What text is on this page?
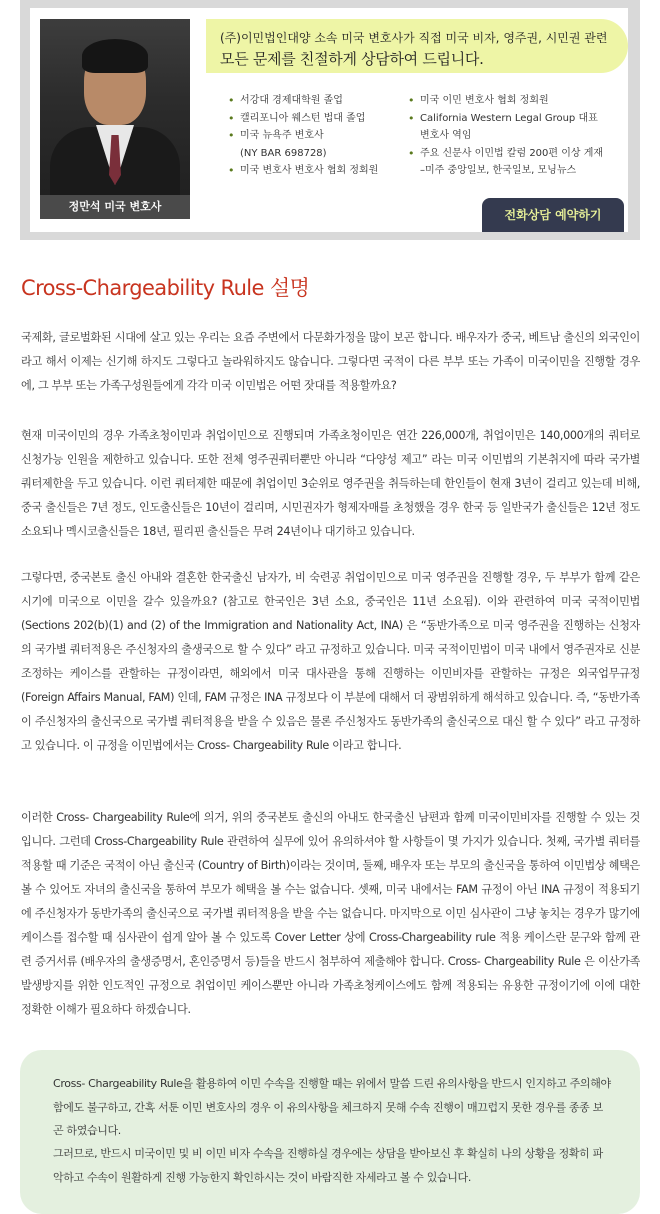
정만석 미국 변호사
(주)이민법인대양 소속 미국 변호사가 직접 미국 비자, 영주권, 시민권 관련
모든 문제를 친절하게 상담하여 드립니다.
• 서강대 경제대학원 졸업
• 캘리포니아 웨스턴 법대 졸업
• 미국 뉴욕주 변호사
(NY BAR 698728)
• 미국 변호사 변호사 협회 정회원
• 미국 이민 변호사 협회 정회원
• California Western Legal Group 대표
변호사 역임
• 주요 신문사 이민법 칼럼 200편 이상 게재
–미주 중앙일보, 한국일보, 모닝뉴스
전화상담 예약하기
Cross-Chargeability Rule 설명

국제화, 글로벌화된 시대에 살고 있는 우리는 요즘 주변에서 다문화가정을 많이 보곤 합니다. 배우자가 중국, 베트남 출신의 외국인이라고 해서 이제는 신기해 하지도 그렇다고 놀라워하지도 않습니다. 그렇다면 국적이 다른 부부 또는 가족이 미국이민을 진행할 경우에, 그 부부 또는 가족구성원들에게 각각 미국 이민법은 어떤 잣대를 적용할까요?

현재 미국이민의 경우 가족초청이민과 취업이민으로 진행되며 가족초청이민은 연간 226,000개, 취업이민은 140,000개의 쿼터로 신청가능 인원을 제한하고 있습니다. 또한 전체 영주권쿼터뿐만 아니라 “다양성 제고” 라는 미국 이민법의 기본취지에 따라 국가별 쿼터제한을 두고 있습니다. 이런 쿼터제한 때문에 취업이민 3순위로 영주권을 취득하는데 한인들이 현재 3년이 걸리고 있는데 비해, 중국 출신들은 7년 정도, 인도출신들은 10년이 걸리며, 시민권자가 형제자매를 초청했을 경우 한국 등 일반국가 출신들은 12년 정도 소요되나 멕시코출신들은 18년, 필리핀 출신들은 무려 24년이나 대기하고 있습니다.

그렇다면, 중국본토 출신 아내와 결혼한 한국출신 남자가, 비 숙련공 취업이민으로 미국 영주권을 진행할 경우, 두 부부가 함께 같은 시기에 미국으로 이민을 갈수 있을까요? (참고로 한국인은 3년 소요, 중국인은 11년 소요됨). 이와 관련하여 미국 국적이민법 (Sections 202(b)(1) and (2) of the Immigration and Nationality Act, INA) 은 “동반가족으로 미국 영주권을 진행하는 신청자의 국가별 쿼터적용은 주신청자의 출생국으로 할 수 있다” 라고 규정하고 있습니다. 미국 국적이민법이 미국 내에서 영주권자로 신분 조정하는 케이스를 관할하는 규정이라면, 해외에서 미국 대사관을 통해 진행하는 이민비자를 관할하는 규정은 외국업무규정 (Foreign Affairs Manual, FAM) 인데, FAM 규정은 INA 규정보다 이 부분에 대해서 더 광범위하게 해석하고 있습니다. 즉, “동반가족이 주신청자의 출신국으로 국가별 쿼터적용을 받을 수 있음은 물론 주신청자도 동반가족의 출신국으로 대신 할 수 있다” 라고 규정하고 있습니다. 이 규정을 이민법에서는 Cross- Chargeability Rule 이라고 합니다.

이러한 Cross- Chargeability Rule에 의거, 위의 중국본토 출신의 아내도 한국출신 남편과 함께 미국이민비자를 진행할 수 있는 것입니다. 그런데 Cross-Chargeability Rule 관련하여 실무에 있어 유의하셔야 할 사항들이 몇 가지가 있습니다. 첫째, 국가별 쿼터를 적용할 때 기준은 국적이 아닌 출신국 (Country of Birth)이라는 것이며, 둘째, 배우자 또는 부모의 출신국을 통하여 이민법상 혜택은 볼 수 있어도 자녀의 출신국을 통하여 부모가 혜택을 볼 수는 없습니다. 셋째, 미국 내에서는 FAM 규정이 아닌 INA 규정이 적용되기에 주신청자가 동반가족의 출신국으로 국가별 쿼터적용을 받을 수는 없습니다. 마지막으로 이민 심사관이 그냥 놓치는 경우가 많기에 케이스를 접수할 때 심사관이 쉽게 알아 볼 수 있도록 Cover Letter 상에 Cross-Chargeability rule 적용 케이스란 문구와 함께 관련 증거서류 (배우자의 출생증명서, 혼인증명서 등)들을 반드시 첨부하여 제출해야 합니다. Cross- Chargeability Rule 은 이산가족발생방지를 위한 인도적인 규정으로 취업이민 케이스뿐만 아니라 가족초청케이스에도 함께 적용되는 유용한 규정이기에 이에 대한 정확한 이해가 필요하다 하겠습니다.

Cross- Chargeability Rule을 활용하여 이민 수속을 진행할 때는 위에서 말씀 드린 유의사항을 반드시 인지하고 주의해야 함에도 불구하고, 간혹 서툰 이민 변호사의 경우 이 유의사항을 체크하지 못해 수속 진행이 매끄럽지 못한 경우를 종종 보곤 하였습니다.

그러므로, 반드시 미국이민 및 비 이민 비자 수속을 진행하실 경우에는 상담을 받아보신 후 확실히 나의 상황을 정확히 파악하고 수속이 원활하게 진행 가능한지 확인하시는 것이 바람직한 자세라고 볼 수 있습니다.
